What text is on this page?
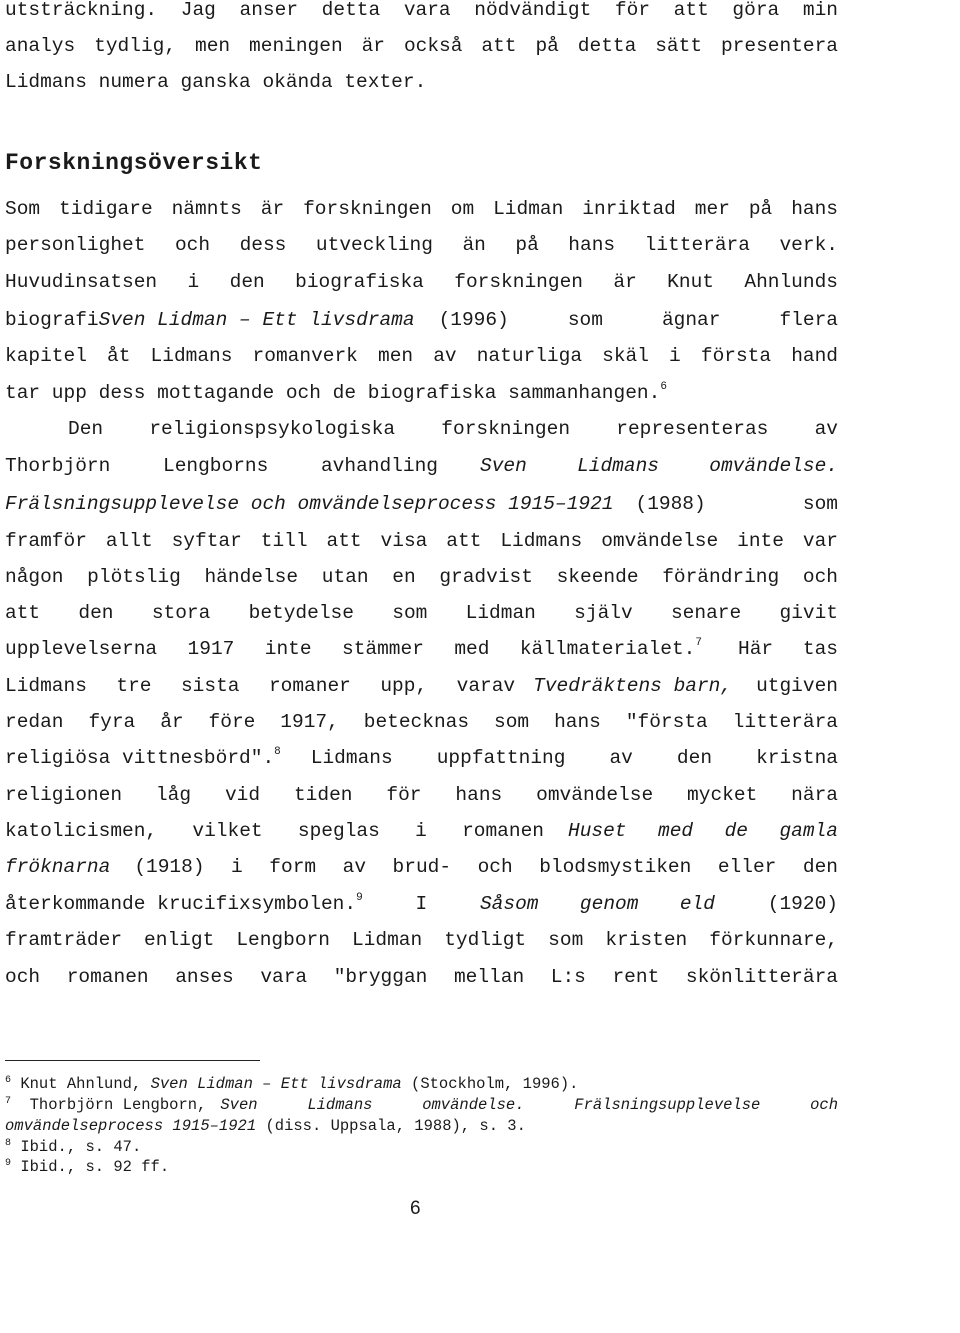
utsträckning. Jag anser detta vara nödvändigt för att göra min
analys tydlig, men meningen är också att på detta sätt presentera
Lidmans numera ganska okända texter.
Forskningsöversikt
Som tidigare nämnts är forskningen om Lidman inriktad mer på hans
personlighet och dess utveckling än på hans litterära verk.
Huvudinsatsen i den biografiska forskningen är Knut Ahnlunds
biografi Sven Lidman – Ett livsdrama (1996) som ägnar flera
kapitel åt Lidmans romanverk men av naturliga skäl i första hand
tar upp dess mottagande och de biografiska sammanhangen.$^6$
Den religionspsykologiska forskningen representeras av
Thorbjörn Lengborns avhandling Sven Lidmans omvändelse.
Frälsningsupplevelse och omvändelseprocess 1915–1921 (1988) som
framför allt syftar till att visa att Lidmans omvändelse inte var
någon plötslig händelse utan en gradvist skeende förändring och
att den stora betydelse som Lidman själv senare givit
upplevelserna 1917 inte stämmer med källmaterialet.$^7$ Här tas
Lidmans tre sista romaner upp, varav Tvedräktens barn, utgiven
redan fyra år före 1917, betecknas som hans "första litterära
religiösa vittnesbörd".$^8$ Lidmans uppfattning av den kristna
religionen låg vid tiden för hans omvändelse mycket nära
katolicismen, vilket speglas i romanen Huset med de gamla
fröknarna (1918) i form av brud- och blodsmystiken eller den
återkommande krucifixsymbolen.$^9$	I	Såsom genom eld	(1920)
framträder enligt Lengborn Lidman tydligt som kristen förkunnare,
och romanen anses vara "bryggan mellan L:s rent skönlitterära
$^6$ Knut Ahnlund, Sven Lidman – Ett livsdrama (Stockholm, 1996).
$^7$ Thorbjörn Lengborn, Sven Lidmans omvändelse. Frälsningsupplevelse och
omvändelseprocess 1915–1921 (diss. Uppsala, 1988), s. 3.
$^8$ Ibid., s. 47.
$^9$ Ibid., s. 92 ff.
6
